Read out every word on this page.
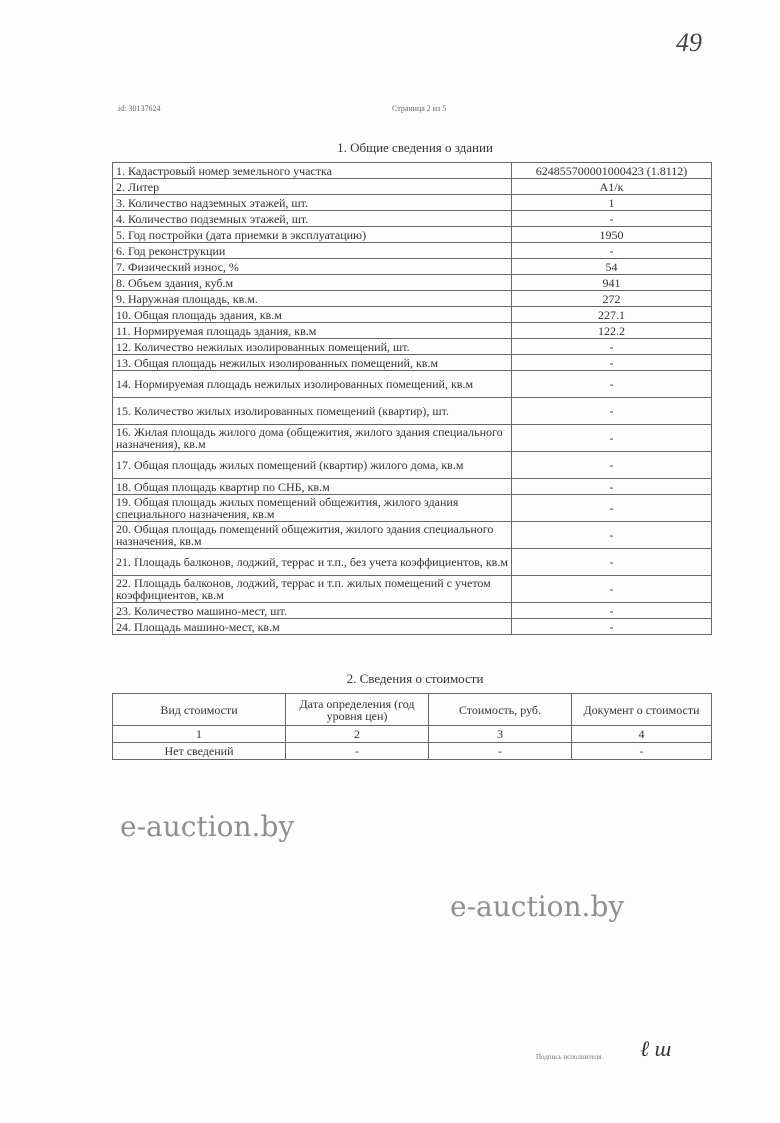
49
id: 30137624	Страница 2 из 5
1. Общие сведения о здании
1. Кадастровый номер земельного участка	624855700001000423 (1.8112)
2. Литер	А1/к
3. Количество надземных этажей, шт.	1
4. Количество подземных этажей, шт.	-
5. Год постройки (дата приемки в эксплуатацию)	1950
6. Год реконструкции	-
7. Физический износ, %	54
8. Объем здания, куб.м	941
9. Наружная площадь, кв.м.	272
10. Общая площадь здания, кв.м	227.1
11. Нормируемая площадь здания, кв.м	122.2
12. Количество нежилых изолированных помещений, шт.	-
13. Общая площадь нежилых изолированных помещений, кв.м	-
14. Нормируемая площадь нежилых изолированных помещений, кв.м	-
15. Количество жилых изолированных помещений (квартир), шт.	-
16. Жилая площадь жилого дома (общежития, жилого здания специального назначения), кв.м	-
17. Общая площадь жилых помещений (квартир) жилого дома, кв.м	-
18. Общая площадь квартир по СНБ, кв.м	-
19. Общая площадь жилых помещений общежития, жилого здания специального назначения, кв.м	-
20. Общая площадь помещений общежития, жилого здания специального назначения, кв.м	-
21. Площадь балконов, лоджий, террас и т.п., без учета коэффициентов, кв.м	-
22. Площадь балконов, лоджий, террас и т.п. жилых помещений с учетом коэффициентов, кв.м	-
23. Количество машино-мест, шт.	-
24. Площадь машино-мест, кв.м	-
2. Сведения о стоимости
Вид стоимости	Дата определения (год уровня цен)	Стоимость, руб.	Документ о стоимости
1	2	3	4
Нет сведений	-	-	-
e-auction.by
e-auction.by
Подпись исполнителя ℓ ш
